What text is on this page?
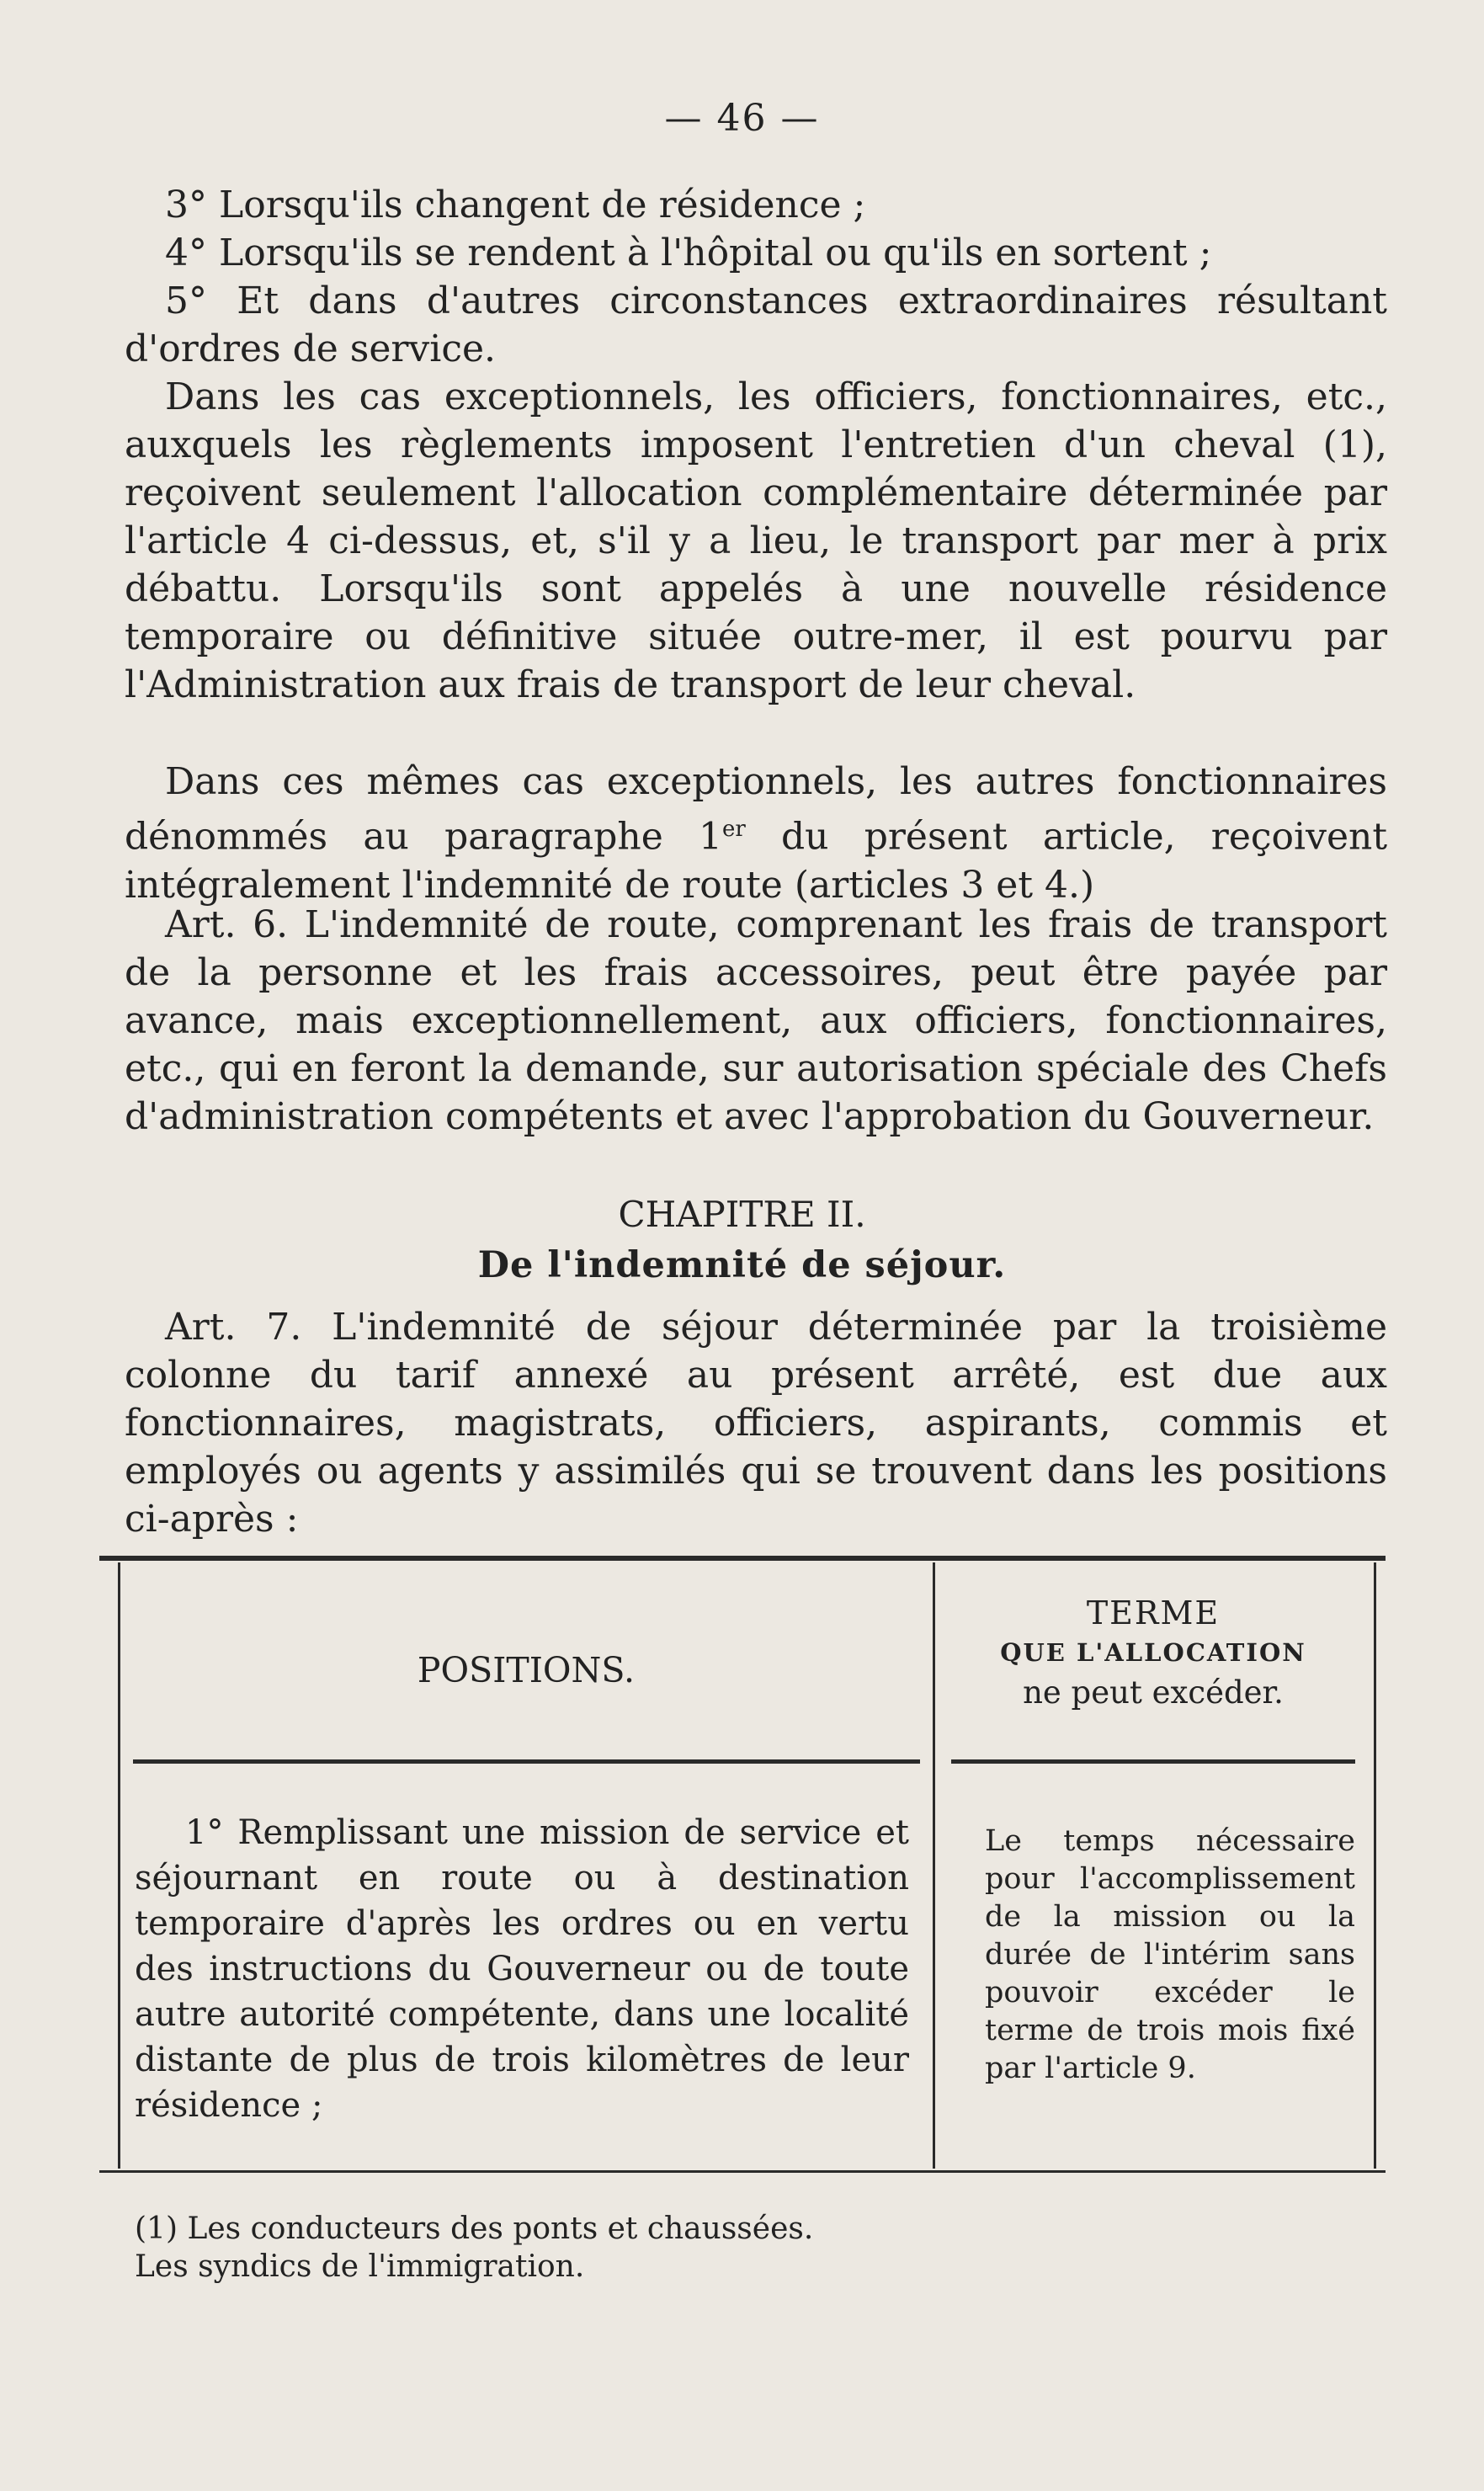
— 46 —

3° Lorsqu'ils changent de résidence ;

4° Lorsqu'ils se rendent à l'hôpital ou qu'ils en sortent ;

5° Et dans d'autres circonstances extraordinaires résultant d'ordres de service.

Dans les cas exceptionnels, les officiers, fonctionnaires, etc., auxquels les règlements imposent l'entretien d'un cheval (1), reçoivent seulement l'allocation complémentaire déterminée par l'article 4 ci-dessus, et, s'il y a lieu, le transport par mer à prix débattu. Lorsqu'ils sont appelés à une nouvelle résidence temporaire ou définitive située outre-mer, il est pourvu par l'Administration aux frais de transport de leur cheval.

Dans ces mêmes cas exceptionnels, les autres fonctionnaires dénommés au paragraphe 1er du présent article, reçoivent intégralement l'indemnité de route (articles 3 et 4.)

Art. 6. L'indemnité de route, comprenant les frais de transport de la personne et les frais accessoires, peut être payée par avance, mais exceptionnellement, aux officiers, fonctionnaires, etc., qui en feront la demande, sur autorisation spéciale des Chefs d'administration compétents et avec l'approbation du Gouverneur.

CHAPITRE II.

De l'indemnité de séjour.

Art. 7. L'indemnité de séjour déterminée par la troisième colonne du tarif annexé au présent arrêté, est due aux fonctionnaires, magistrats, officiers, aspirants, commis et employés ou agents y assimilés qui se trouvent dans les positions ci-après :

POSITIONS.
TERME
QUE L'ALLOCATION
ne peut excéder.
1° Remplissant une mission de service et séjournant en route ou à destination temporaire d'après les ordres ou en vertu des instructions du Gouverneur ou de toute autre autorité compétente, dans une localité distante de plus de trois kilomètres de leur résidence ;
Le temps nécessaire pour l'accomplissement de la mission ou la durée de l'intérim sans pouvoir excéder le terme de trois mois fixé par l'article 9.

(1) Les conducteurs des ponts et chaussées.

Les syndics de l'immigration.
